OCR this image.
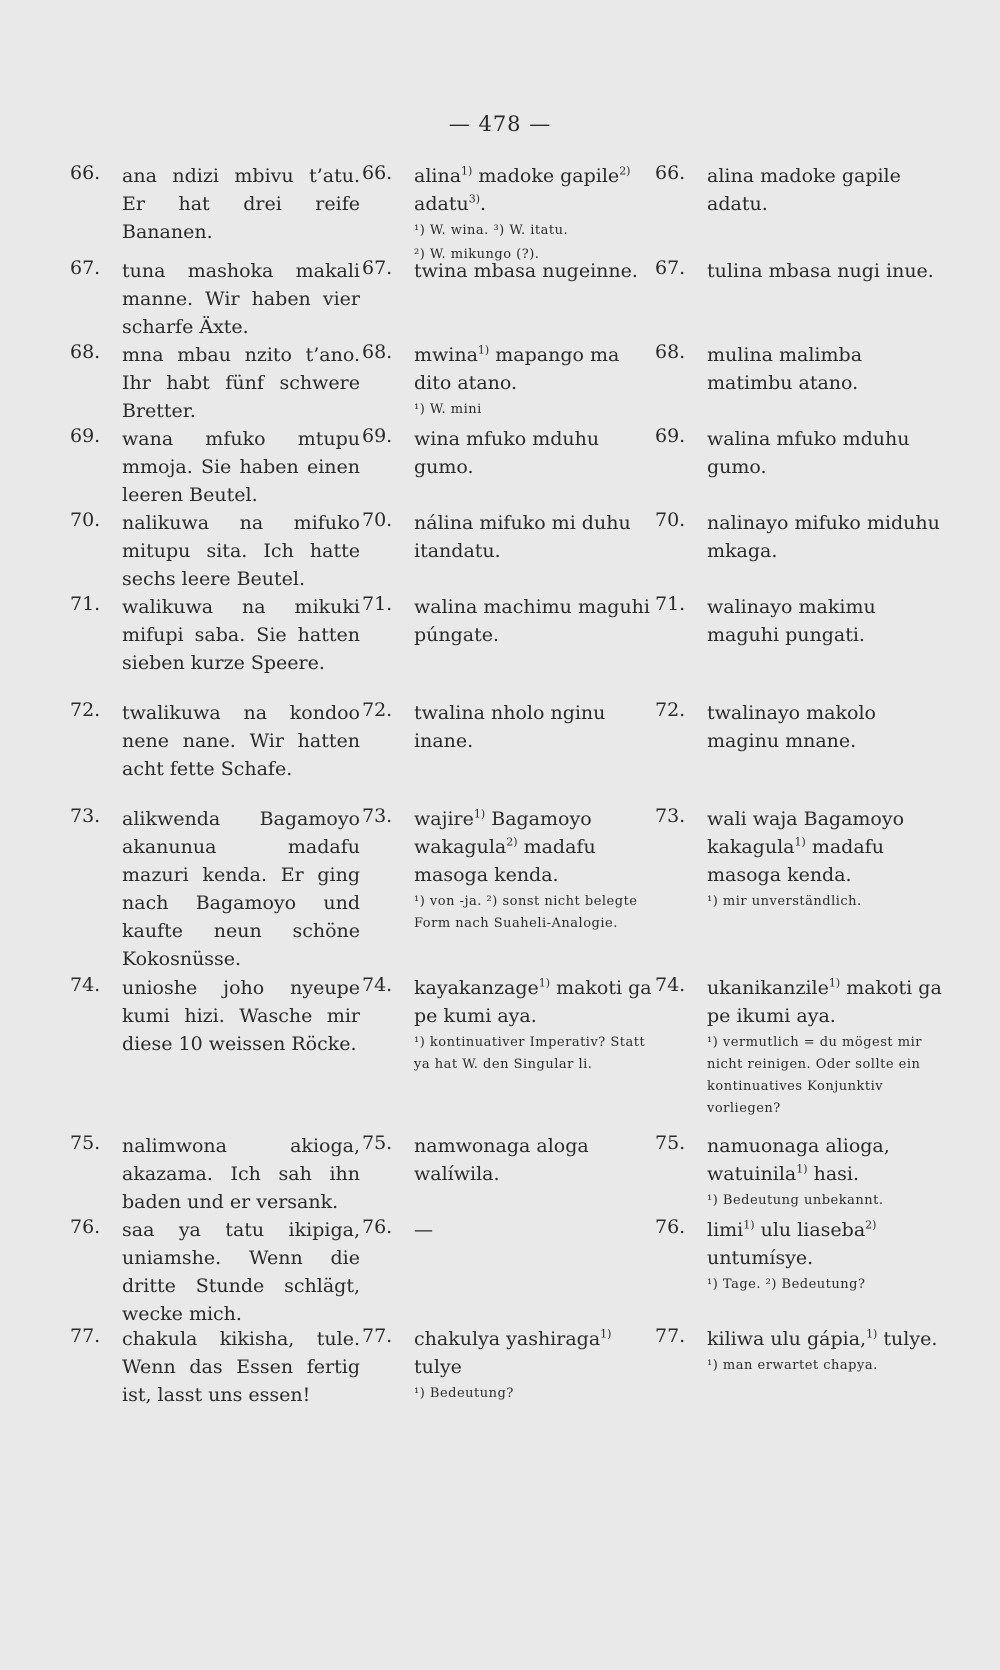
— 478 —
66. ana ndizi mbivu t’atu. Er hat drei reife Bananen.
67. tuna mashoka makali manne. Wir haben vier scharfe Äxte.
68. mna mbau nzito t’ano. Ihr habt fünf schwere Bretter.
69. wana mfuko mtupu mmoja. Sie haben einen leeren Beutel.
70. nalikuwa na mifuko mitupu sita. Ich hatte sechs leere Beutel.
71. walikuwa na mikuki mifupi saba. Sie hatten sieben kurze Speere.
72. twalikuwa na kondoo nene nane. Wir hatten acht fette Schafe.
73. alikwenda Bagamoyo akanunua madafu mazuri kenda. Er ging nach Bagamoyo und kaufte neun schöne Kokosnüsse.
74. unioshe joho nyeupe kumi hizi. Wasche mir diese 10 weissen Röcke.
75. nalimwona akioga, akazama. Ich sah ihn baden und er versank.
76. saa ya tatu ikipiga, uniamshe. Wenn die dritte Stunde schlägt, wecke mich.
77. chakula kikisha, tule. Wenn das Essen fertig ist, lasst uns essen!
66. alina$^{1)}$ madoke gapile$^{2)}$ adatu$^{3)}$.
¹) W. wina. ³) W. itatu.
²) W. mikungo (?).
67. twina mbasa nugeinne.
68. mwina$^{1)}$ mapango ma dito atano.
¹) W. mini
69. wina mfuko mduhu gumo.
70. nálina mifuko mi duhu itandatu.
71. walina machimu maguhi púngate.
72. twalina nholo nginu inane.
73. wajire$^{1)}$ Bagamoyo wakagula$^{2)}$ madafu masoga kenda.
¹) von -ja. ²) sonst nicht belegte Form nach Suaheli-Analogie.
74. kayakanzage$^{1)}$ makoti ga pe kumi aya.
¹) kontinuativer Imperativ? Statt ya hat W. den Singular li.
75. namwonaga aloga walíwila.
76. —
77. chakulya yashiraga$^{1)}$ tulye
¹) Bedeutung?
66. alina madoke gapile adatu.
67. tulina mbasa nugi inue.
68. mulina malimba matimbu atano.
69. walina mfuko mduhu gumo.
70. nalinayo mifuko miduhu mkaga.
71. walinayo makimu maguhi pungati.
72. twalinayo makolo maginu mnane.
73. wali waja Bagamoyo kakagula$^{1)}$ madafu masoga kenda.
¹) mir unverständlich.
74. ukanikanzile$^{1)}$ makoti ga pe ikumi aya.
¹) vermutlich = du mögest mir nicht reinigen. Oder sollte ein kontinuatives Konjunktiv vorliegen?
75. namuonaga alioga, watuinila$^{1)}$ hasi.
¹) Bedeutung unbekannt.
76. limi$^{1)}$ ulu liaseba$^{2)}$ untumísye.
¹) Tage. ²) Bedeutung?
77. kiliwa ulu gápia,$^{1)}$ tulye.
¹) man erwartet chapya.
